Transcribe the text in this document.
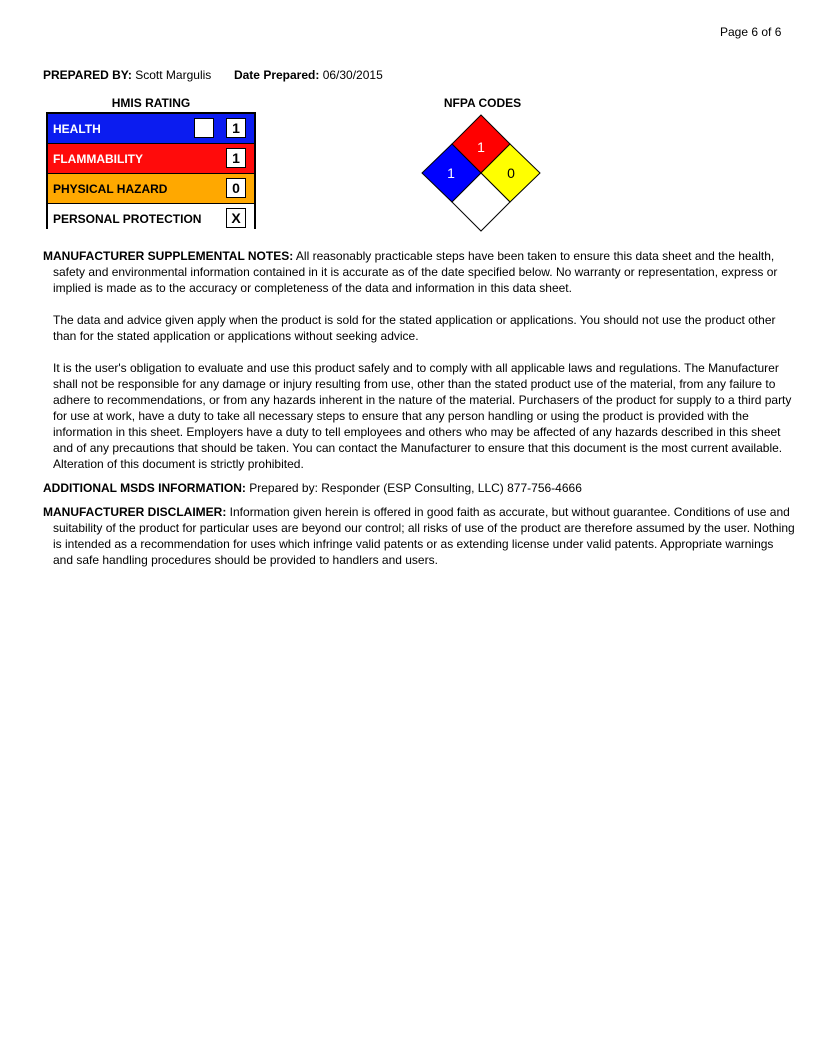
Page 6 of 6
PREPARED BY: Scott Margulis Date Prepared: 06/30/2015
HMIS RATING
HEALTH	1
FLAMMABILITY	1
PHYSICAL HAZARD	0
PERSONAL PROTECTION	X
NFPA CODES
1
1	0

MANUFACTURER SUPPLEMENTAL NOTES: All reasonably practicable steps have been taken to ensure this data sheet and the health, safety and environmental information contained in it is accurate as of the date specified below. No warranty or representation, express or implied is made as to the accuracy or completeness of the data and information in this data sheet.

The data and advice given apply when the product is sold for the stated application or applications. You should not use the product other than for the stated application or applications without seeking advice.

It is the user's obligation to evaluate and use this product safely and to comply with all applicable laws and regulations. The Manufacturer shall not be responsible for any damage or injury resulting from use, other than the stated product use of the material, from any failure to adhere to recommendations, or from any hazards inherent in the nature of the material. Purchasers of the product for supply to a third party for use at work, have a duty to take all necessary steps to ensure that any person handling or using the product is provided with the information in this sheet. Employers have a duty to tell employees and others who may be affected of any hazards described in this sheet and of any precautions that should be taken. You can contact the Manufacturer to ensure that this document is the most current available. Alteration of this document is strictly prohibited.

ADDITIONAL MSDS INFORMATION: Prepared by: Responder (ESP Consulting, LLC) 877-756-4666

MANUFACTURER DISCLAIMER: Information given herein is offered in good faith as accurate, but without guarantee. Conditions of use and suitability of the product for particular uses are beyond our control; all risks of use of the product are therefore assumed by the user. Nothing is intended as a recommendation for uses which infringe valid patents or as extending license under valid patents. Appropriate warnings and safe handling procedures should be provided to handlers and users.
